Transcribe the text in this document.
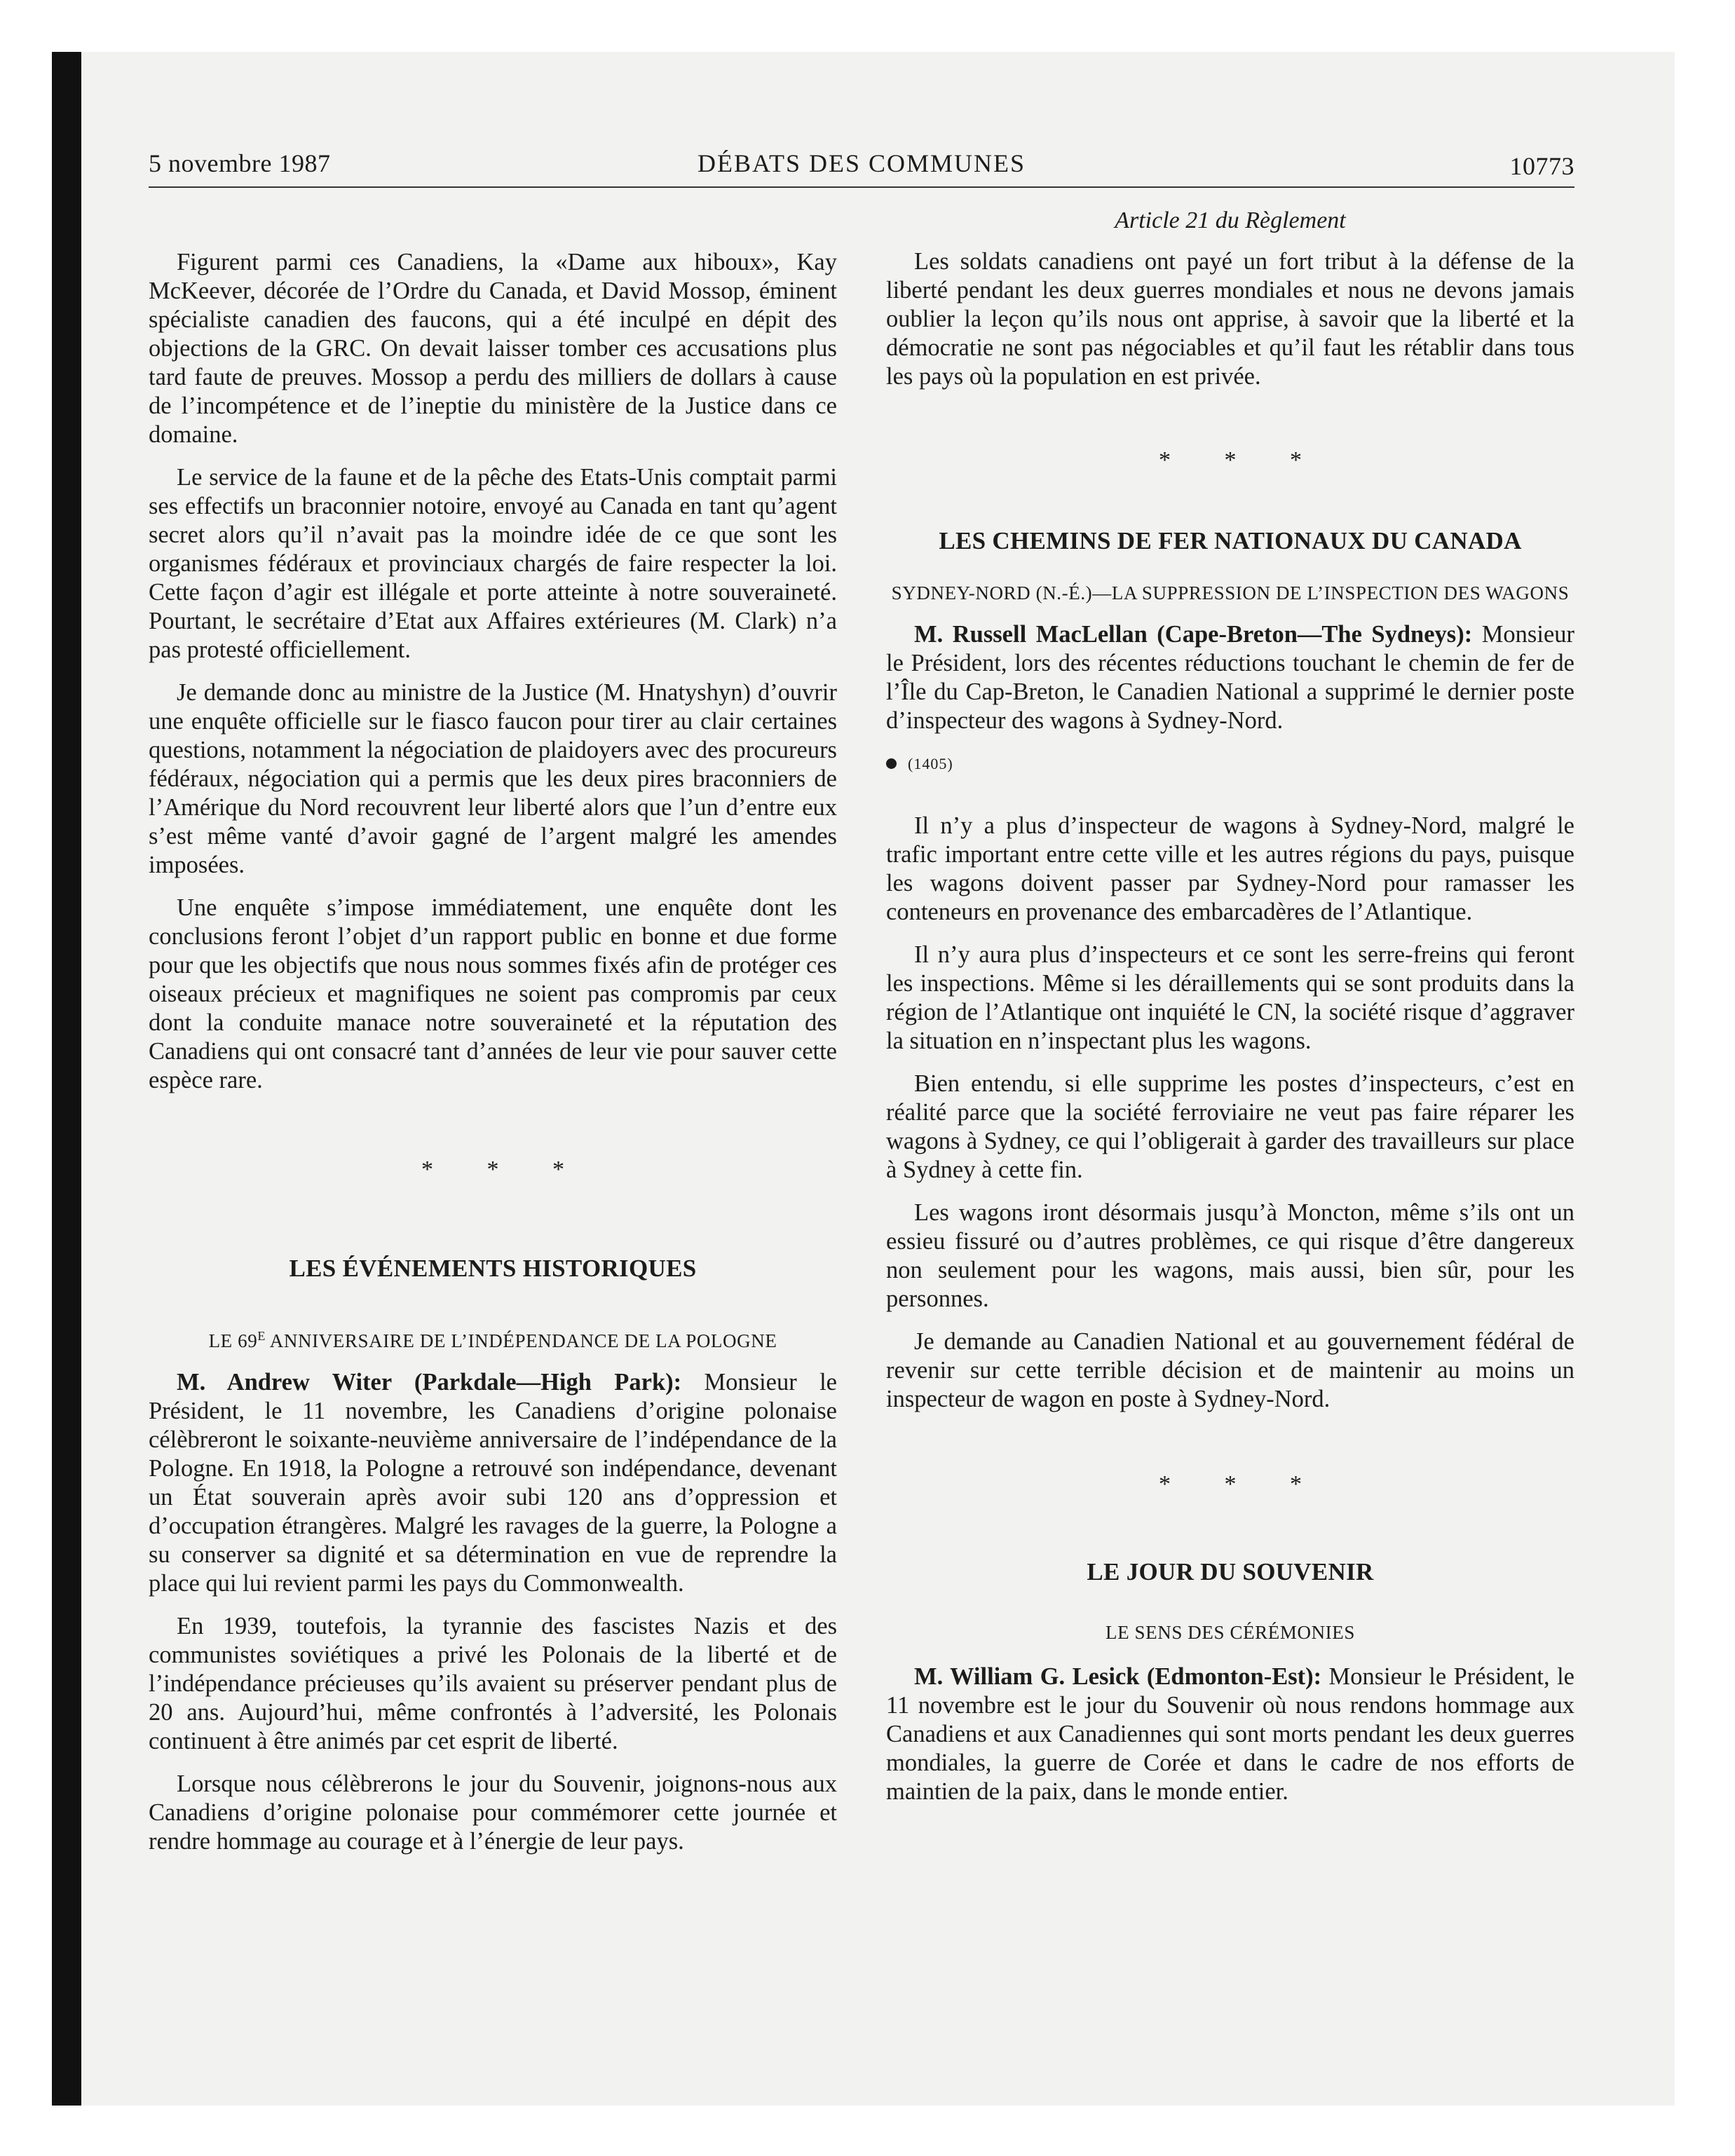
5 novembre 1987	DÉBATS DES COMMUNES	10773

Figurent parmi ces Canadiens, la «Dame aux hiboux», Kay McKeever, décorée de l’Ordre du Canada, et David Mossop, éminent spécialiste canadien des faucons, qui a été inculpé en dépit des objections de la GRC. On devait laisser tomber ces accusations plus tard faute de preuves. Mossop a perdu des milliers de dollars à cause de l’incompétence et de l’ineptie du ministère de la Justice dans ce domaine.

Le service de la faune et de la pêche des Etats-Unis comptait parmi ses effectifs un braconnier notoire, envoyé au Canada en tant qu’agent secret alors qu’il n’avait pas la moindre idée de ce que sont les organismes fédéraux et provinciaux chargés de faire respecter la loi. Cette façon d’agir est illégale et porte atteinte à notre souveraineté. Pourtant, le secrétaire d’Etat aux Affaires extérieures (M. Clark) n’a pas protesté officiellement.

Je demande donc au ministre de la Justice (M. Hnatyshyn) d’ouvrir une enquête officielle sur le fiasco faucon pour tirer au clair certaines questions, notamment la négociation de plaidoyers avec des procureurs fédéraux, négociation qui a permis que les deux pires braconniers de l’Amérique du Nord recouvrent leur liberté alors que l’un d’entre eux s’est même vanté d’avoir gagné de l’argent malgré les amendes imposées.

Une enquête s’impose immédiatement, une enquête dont les conclusions feront l’objet d’un rapport public en bonne et due forme pour que les objectifs que nous nous sommes fixés afin de protéger ces oiseaux précieux et magnifiques ne soient pas compromis par ceux dont la conduite manace notre souveraineté et la réputation des Canadiens qui ont consacré tant d’années de leur vie pour sauver cette espèce rare.

* * *
LES ÉVÉNEMENTS HISTORIQUES
LE $69^E$ ANNIVERSAIRE DE L’INDÉPENDANCE DE LA POLOGNE

M. Andrew Witer (Parkdale—High Park): Monsieur le Président, le 11 novembre, les Canadiens d’origine polonaise célèbreront le soixante-neuvième anniversaire de l’indépendance de la Pologne. En 1918, la Pologne a retrouvé son indépendance, devenant un État souverain après avoir subi 120 ans d’oppression et d’occupation étrangères. Malgré les ravages de la guerre, la Pologne a su conserver sa dignité et sa détermination en vue de reprendre la place qui lui revient parmi les pays du Commonwealth.

En 1939, toutefois, la tyrannie des fascistes Nazis et des communistes soviétiques a privé les Polonais de la liberté et de l’indépendance précieuses qu’ils avaient su préserver pendant plus de 20 ans. Aujourd’hui, même confrontés à l’adversité, les Polonais continuent à être animés par cet esprit de liberté.

Lorsque nous célèbrerons le jour du Souvenir, joignons-nous aux Canadiens d’origine polonaise pour commémorer cette journée et rendre hommage au courage et à l’énergie de leur pays.

Article 21 du Règlement

Les soldats canadiens ont payé un fort tribut à la défense de la liberté pendant les deux guerres mondiales et nous ne devons jamais oublier la leçon qu’ils nous ont apprise, à savoir que la liberté et la démocratie ne sont pas négociables et qu’il faut les rétablir dans tous les pays où la population en est privée.

* * *
LES CHEMINS DE FER NATIONAUX DU CANADA
SYDNEY-NORD (N.-É.)—LA SUPPRESSION DE L’INSPECTION DES WAGONS

M. Russell MacLellan (Cape-Breton—The Sydneys): Monsieur le Président, lors des récentes réductions touchant le chemin de fer de l’Île du Cap-Breton, le Canadien National a supprimé le dernier poste d’inspecteur des wagons à Sydney-Nord.

(1405)

Il n’y a plus d’inspecteur de wagons à Sydney-Nord, malgré le trafic important entre cette ville et les autres régions du pays, puisque les wagons doivent passer par Sydney-Nord pour ramasser les conteneurs en provenance des embarcadères de l’Atlantique.

Il n’y aura plus d’inspecteurs et ce sont les serre-freins qui feront les inspections. Même si les déraillements qui se sont produits dans la région de l’Atlantique ont inquiété le CN, la société risque d’aggraver la situation en n’inspectant plus les wagons.

Bien entendu, si elle supprime les postes d’inspecteurs, c’est en réalité parce que la société ferroviaire ne veut pas faire réparer les wagons à Sydney, ce qui l’obligerait à garder des travailleurs sur place à Sydney à cette fin.

Les wagons iront désormais jusqu’à Moncton, même s’ils ont un essieu fissuré ou d’autres problèmes, ce qui risque d’être dangereux non seulement pour les wagons, mais aussi, bien sûr, pour les personnes.

Je demande au Canadien National et au gouvernement fédéral de revenir sur cette terrible décision et de maintenir au moins un inspecteur de wagon en poste à Sydney-Nord.

* * *
LE JOUR DU SOUVENIR
LE SENS DES CÉRÉMONIES

M. William G. Lesick (Edmonton-Est): Monsieur le Président, le 11 novembre est le jour du Souvenir où nous rendons hommage aux Canadiens et aux Canadiennes qui sont morts pendant les deux guerres mondiales, la guerre de Corée et dans le cadre de nos efforts de maintien de la paix, dans le monde entier.
